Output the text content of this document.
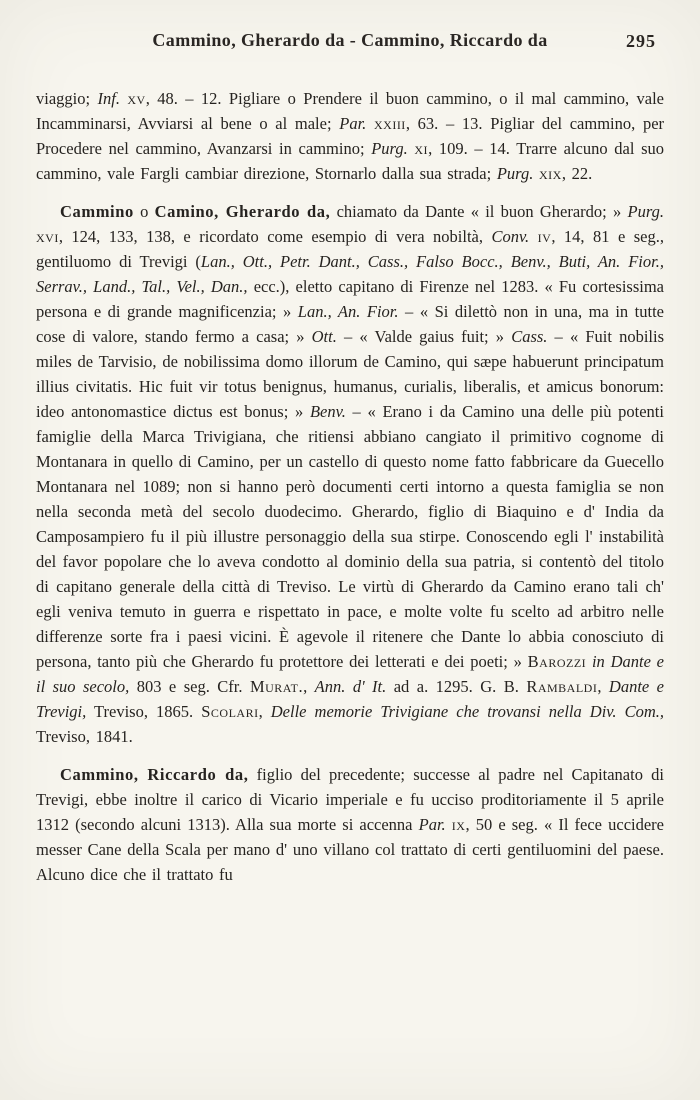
Cammino, Gherardo da - Cammino, Riccardo da	295

viaggio; Inf. xv, 48. – 12. Pigliare o Prendere il buon cammino, o il mal cammino, vale Incamminarsi, Avviarsi al bene o al male; Par. xxiii, 63. – 13. Pigliar del cammino, per Procedere nel cammino, Avanzarsi in cammino; Purg. xi, 109. – 14. Trarre alcuno dal suo cammino, vale Fargli cambiar direzione, Stornarlo dalla sua strada; Purg. xix, 22.

Cammino o Camino, Gherardo da, chiamato da Dante « il buon Gherardo; » Purg. xvi, 124, 133, 138, e ricordato come esempio di vera nobiltà, Conv. iv, 14, 81 e seg., gentiluomo di Trevigi (Lan., Ott., Petr. Dant., Cass., Falso Bocc., Benv., Buti, An. Fior., Serrav., Land., Tal., Vel., Dan., ecc.), eletto capitano di Firenze nel 1283. « Fu cortesissima persona e di grande magnificenzia; » Lan., An. Fior. – « Si dilettò non in una, ma in tutte cose di valore, stando fermo a casa; » Ott. – « Valde gaius fuit; » Cass. – « Fuit nobilis miles de Tarvisio, de nobilissima domo illorum de Camino, qui sæpe habuerunt principatum illius civitatis. Hic fuit vir totus benignus, humanus, curialis, liberalis, et amicus bonorum: ideo antonomastice dictus est bonus; » Benv. – « Erano i da Camino una delle più potenti famiglie della Marca Trivigiana, che ritiensi abbiano cangiato il primitivo cognome di Montanara in quello di Camino, per un castello di questo nome fatto fabbricare da Guecello Montanara nel 1089; non si hanno però documenti certi intorno a questa famiglia se non nella seconda metà del secolo duodecimo. Gherardo, figlio di Biaquino e d' India da Camposampiero fu il più illustre personaggio della sua stirpe. Conoscendo egli l' instabilità del favor popolare che lo aveva condotto al dominio della sua patria, si contentò del titolo di capitano generale della città di Treviso. Le virtù di Gherardo da Camino erano tali ch' egli veniva temuto in guerra e rispettato in pace, e molte volte fu scelto ad arbitro nelle differenze sorte fra i paesi vicini. È agevole il ritenere che Dante lo abbia conosciuto di persona, tanto più che Gherardo fu protettore dei letterati e dei poeti; » Barozzi in Dante e il suo secolo, 803 e seg. Cfr. Murat., Ann. d' It. ad a. 1295. G. B. Rambaldi, Dante e Trevigi, Treviso, 1865. Scolari, Delle memorie Trivigiane che trovansi nella Div. Com., Treviso, 1841.

Cammino, Riccardo da, figlio del precedente; successe al padre nel Capitanato di Trevigi, ebbe inoltre il carico di Vicario imperiale e fu ucciso proditoriamente il 5 aprile 1312 (secondo alcuni 1313). Alla sua morte si accenna Par. ix, 50 e seg. « Il fece uccidere messer Cane della Scala per mano d' uno villano col trattato di certi gentiluomini del paese. Alcuno dice che il trattato fu
